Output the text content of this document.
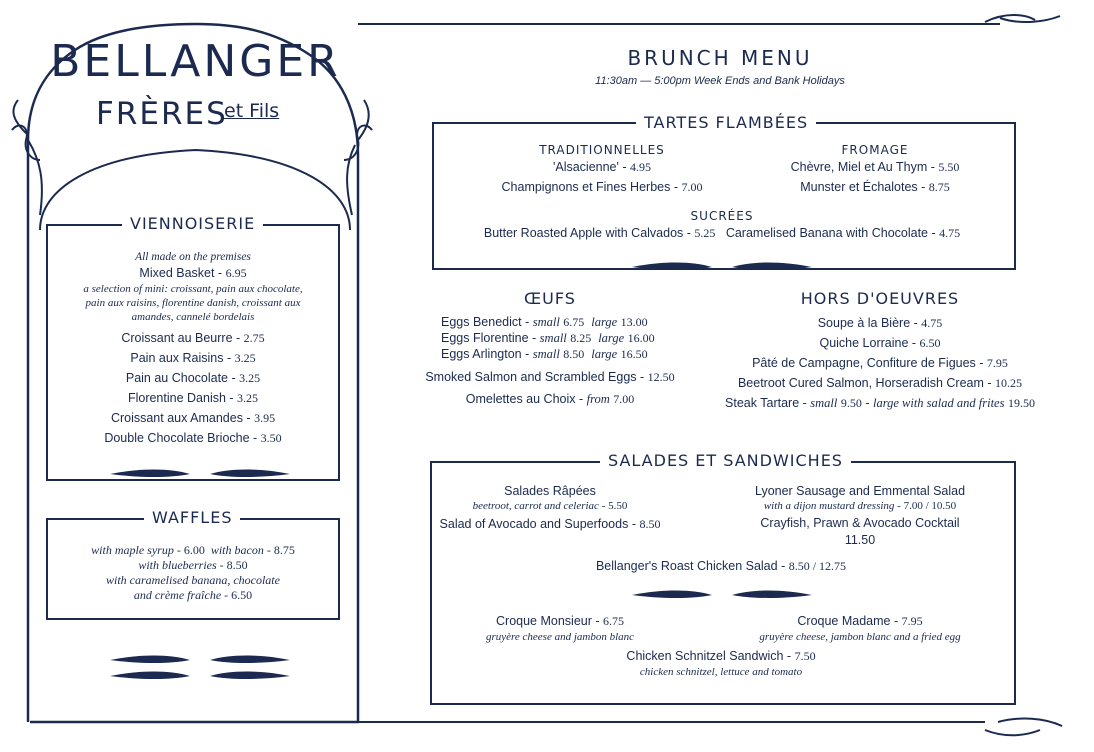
BELLANGER
FRÈRES
et Fils
VIENNOISERIE
All made on the premises
Mixed Basket - 6.95
a selection of mini: croissant, pain aux chocolate,
pain aux raisins, florentine danish, croissant aux
amandes, cannelé bordelais
Croissant au Beurre - 2.75
Pain aux Raisins - 3.25
Pain au Chocolate - 3.25
Florentine Danish - 3.25
Croissant aux Amandes - 3.95
Double Chocolate Brioche - 3.50
WAFFLES
with maple syrup - 6.00 with bacon - 8.75
with blueberries - 8.50
with caramelised banana, chocolate
and crème fraîche - 6.50
BRUNCH MENU
11:30am — 5:00pm Week Ends and Bank Holidays
TARTES FLAMBÉES
TRADITIONNELLES
'Alsacienne' - 4.95
Champignons et Fines Herbes - 7.00
FROMAGE
Chèvre, Miel et Au Thym - 5.50
Munster et Échalotes - 8.75
SUCRÉES
Butter Roasted Apple with Calvados - 5.25 Caramelised Banana with Chocolate - 4.75
ŒUFS
Eggs Benedict - small 6.75 large 13.00
Eggs Florentine - small 8.25 large 16.00
Eggs Arlington - small 8.50 large 16.50
Smoked Salmon and Scrambled Eggs - 12.50
Omelettes au Choix - from 7.00
HORS D'OEUVRES
Soupe à la Bière - 4.75
Quiche Lorraine - 6.50
Pâté de Campagne, Confiture de Figues - 7.95
Beetroot Cured Salmon, Horseradish Cream - 10.25
Steak Tartare - small 9.50 - large with salad and frites 19.50
SALADES ET SANDWICHES
Salades Râpées
beetroot, carrot and celeriac - 5.50
Salad of Avocado and Superfoods - 8.50
Lyoner Sausage and Emmental Salad
with a dijon mustard dressing - 7.00 / 10.50
Crayfish, Prawn & Avocado Cocktail
11.50
Bellanger's Roast Chicken Salad - 8.50 / 12.75
Croque Monsieur - 6.75
gruyère cheese and jambon blanc
Croque Madame - 7.95
gruyère cheese, jambon blanc and a fried egg
Chicken Schnitzel Sandwich - 7.50
chicken schnitzel, lettuce and tomato
